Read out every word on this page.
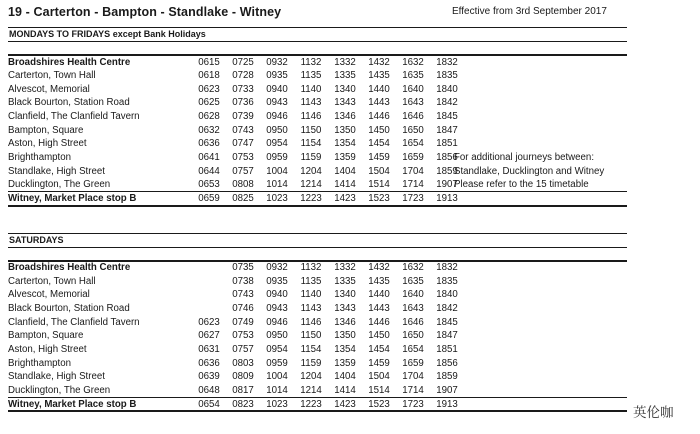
19 - Carterton - Bampton - Standlake - Witney	Effective from 3rd September 2017
MONDAYS TO FRIDAYS except Bank Holidays
Broadshires Health Centre	0615	0725	0932	1132	1332	1432	1632	1832	
Carterton, Town Hall	0618	0728	0935	1135	1335	1435	1635	1835	
Alvescot, Memorial	0623	0733	0940	1140	1340	1440	1640	1840	
Black Bourton, Station Road	0625	0736	0943	1143	1343	1443	1643	1842	
Clanfield, The Clanfield Tavern	0628	0739	0946	1146	1346	1446	1646	1845	
Bampton, Square	0632	0743	0950	1150	1350	1450	1650	1847	
Aston, High Street	0636	0747	0954	1154	1354	1454	1654	1851	
Brighthampton	0641	0753	0959	1159	1359	1459	1659	1856	For additional journeys between:
Standlake, High Street	0644	0757	1004	1204	1404	1504	1704	1859	Standlake, Ducklington and Witney
Ducklington, The Green	0653	0808	1014	1214	1414	1514	1714	1907	Please refer to the 15 timetable
Witney, Market Place stop B	0659	0825	1023	1223	1423	1523	1723	1913	
SATURDAYS
Broadshires Health Centre		0735	0932	1132	1332	1432	1632	1832	
Carterton, Town Hall		0738	0935	1135	1335	1435	1635	1835	
Alvescot, Memorial		0743	0940	1140	1340	1440	1640	1840	
Black Bourton, Station Road		0746	0943	1143	1343	1443	1643	1842	
Clanfield, The Clanfield Tavern	0623	0749	0946	1146	1346	1446	1646	1845	
Bampton, Square	0627	0753	0950	1150	1350	1450	1650	1847	
Aston, High Street	0631	0757	0954	1154	1354	1454	1654	1851	
Brighthampton	0636	0803	0959	1159	1359	1459	1659	1856	
Standlake, High Street	0639	0809	1004	1204	1404	1504	1704	1859	
Ducklington, The Green	0648	0817	1014	1214	1414	1514	1714	1907	
Witney, Market Place stop B	0654	0823	1023	1223	1423	1523	1723	1913	
英伦咖
